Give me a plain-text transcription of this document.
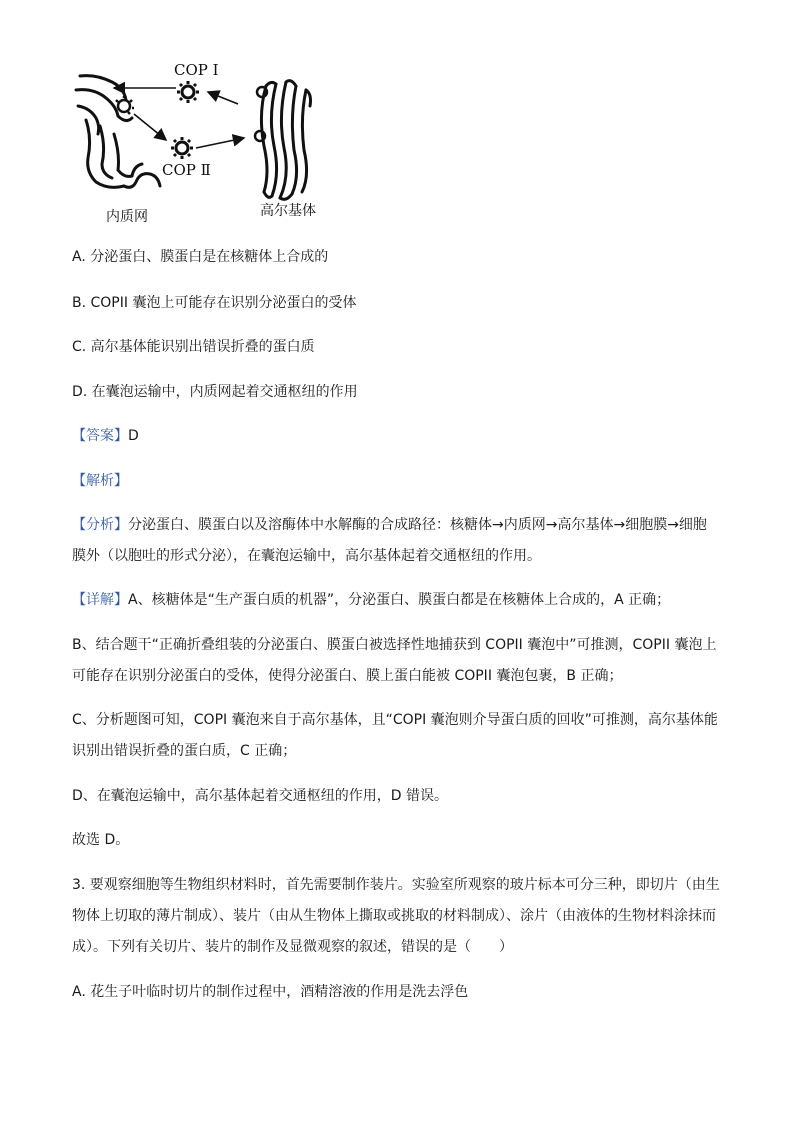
COP Ⅰ
COP Ⅱ
内质网	高尔基体
A. 分泌蛋白、膜蛋白是在核糖体上合成的
B. COPII 囊泡上可能存在识别分泌蛋白的受体
C. 高尔基体能识别出错误折叠的蛋白质
D. 在囊泡运输中，内质网起着交通枢纽的作用
【答案】D
【解析】
【分析】分泌蛋白、膜蛋白以及溶酶体中水解酶的合成路径：核糖体→内质网→高尔基体→细胞膜→细胞
膜外（以胞吐的形式分泌），在囊泡运输中，高尔基体起着交通枢纽的作用。
【详解】A、核糖体是“生产蛋白质的机器”，分泌蛋白、膜蛋白都是在核糖体上合成的，A 正确；
B、结合题干“正确折叠组装的分泌蛋白、膜蛋白被选择性地捕获到 COPII 囊泡中”可推测，COPII 囊泡上
可能存在识别分泌蛋白的受体，使得分泌蛋白、膜上蛋白能被 COPII 囊泡包裹，B 正确；
C、分析题图可知，COPI 囊泡来自于高尔基体，且“COPI 囊泡则介导蛋白质的回收”可推测，高尔基体能
识别出错误折叠的蛋白质，C 正确；
D、在囊泡运输中，高尔基体起着交通枢纽的作用，D 错误。
故选 D。
3. 要观察细胞等生物组织材料时，首先需要制作装片。实验室所观察的玻片标本可分三种，即切片（由生
物体上切取的薄片制成）、装片（由从生物体上撕取或挑取的材料制成）、涂片（由液体的生物材料涂抹而
成）。下列有关切片、装片的制作及显微观察的叙述，错误的是（　　）
A. 花生子叶临时切片的制作过程中，酒精溶液的作用是洗去浮色
